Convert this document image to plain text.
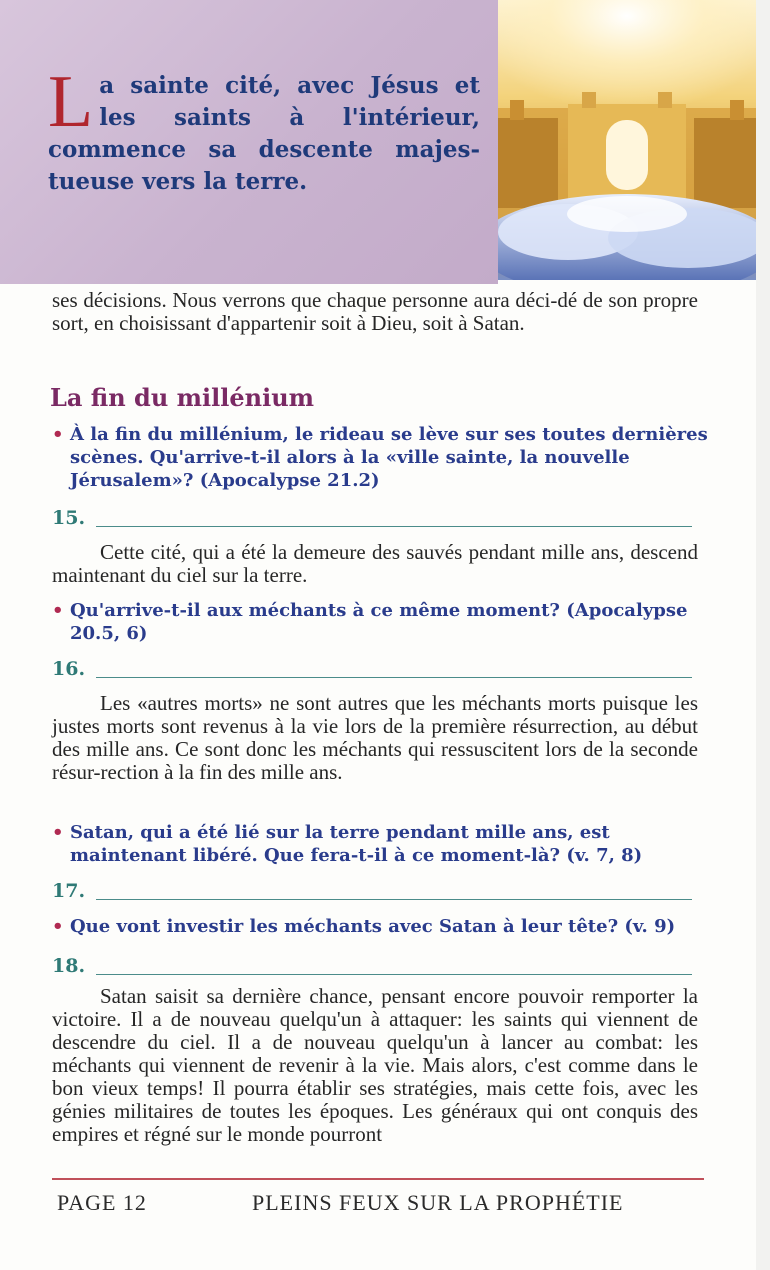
La sainte cité, avec Jésus et les saints à l'intérieur, commence sa descente majes-tueuse vers la terre.

ses décisions. Nous verrons que chaque personne aura déci-dé de son propre sort, en choisissant d'appartenir soit à Dieu, soit à Satan.

La fin du millénium
• À la fin du millénium, le rideau se lève sur ses toutes dernières scènes. Qu'arrive-t-il alors à la «ville sainte, la nouvelle Jérusalem»? (Apocalypse 21.2)
15.

Cette cité, qui a été la demeure des sauvés pendant mille ans, descend maintenant du ciel sur la terre.

• Qu'arrive-t-il aux méchants à ce même moment? (Apocalypse 20.5, 6)
16.

Les «autres morts» ne sont autres que les méchants morts puisque les justes morts sont revenus à la vie lors de la première résurrection, au début des mille ans. Ce sont donc les méchants qui ressuscitent lors de la seconde résur-rection à la fin des mille ans.

• Satan, qui a été lié sur la terre pendant mille ans, est maintenant libéré. Que fera-t-il à ce moment-là? (v. 7, 8)
17.
• Que vont investir les méchants avec Satan à leur tête? (v. 9)
18.

Satan saisit sa dernière chance, pensant encore pouvoir remporter la victoire. Il a de nouveau quelqu'un à attaquer: les saints qui viennent de descendre du ciel. Il a de nouveau quelqu'un à lancer au combat: les méchants qui viennent de revenir à la vie. Mais alors, c'est comme dans le bon vieux temps! Il pourra établir ses stratégies, mais cette fois, avec les génies militaires de toutes les époques. Les généraux qui ont conquis des empires et régné sur le monde pourront

PAGE 12	PLEINS FEUX SUR LA PROPHÉTIE
